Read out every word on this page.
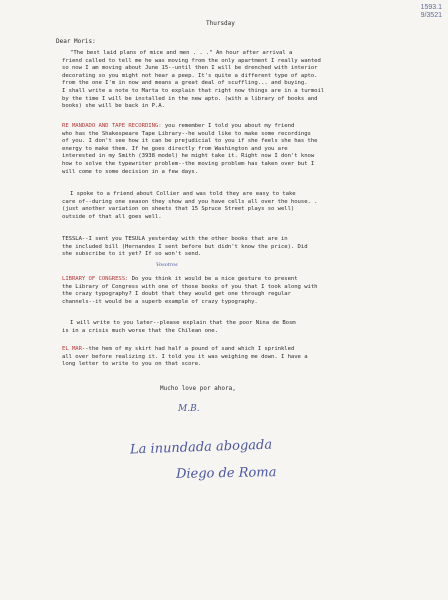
1593.1
9/3521
Thursday
Dear Moris:
"The best laid plans of mice and men . . ." An hour after arrival a
friend called to tell me he was moving from the only apartment I really wanted
so now I am moving about June 15--until then I will be drenched with interior
decorating so you might not hear a peep. It's quite a different type of apto.
from the one I'm in now and means a great deal of scuffling... and buying.
I shall write a note to Marta to explain that right now things are in a turmoil
by the time I will be installed in the new apto. (with a library of books and
books) she will be back in P.A.
RE MANDADO AND TAPE RECORDING: you remember I told you about my friend
who has the Shakespeare Tape Library--he would like to make some recordings
of you. I don't see how it can be prejudicial to you if she feels she has the
energy to make them. If he goes directly from Washington and you are
interested in my Smith (3938 model) he might take it. Right now I don't know
how to solve the typewriter problem--the moving problem has taken over but I
will come to some decision in a few days.
I spoke to a friend about Collier and was told they are easy to take
care of--during one season they show and you have cells all over the house. .
(just another variation on sheets that 15 Spruce Street plays so well)
outside of that all goes well.
TESSLA--I sent you TESULA yesterday with the other books that are in
the included bill (Hernandes I sent before but didn't know the price). Did
she subscribe to it yet? If so won't send.
Vosotros
LIBRARY OF CONGRESS: Do you think it would be a nice gesture to present
the Library of Congress with one of those books of you that I took along with
the crazy typography? I doubt that they would get one through regular
channels--it would be a superb example of crazy typography.
I will write to you later--please explain that the poor Nina de Bosm
is in a crisis much worse that the Chilean one.
EL MAR--the hem of my skirt had half a pound of sand which I sprinkled
all over before realizing it. I told you it was weighing me down. I have a
long letter to write to you on that score.
Mucho love por ahora,
M.B.
La inundada abogada
Diego de Roma
